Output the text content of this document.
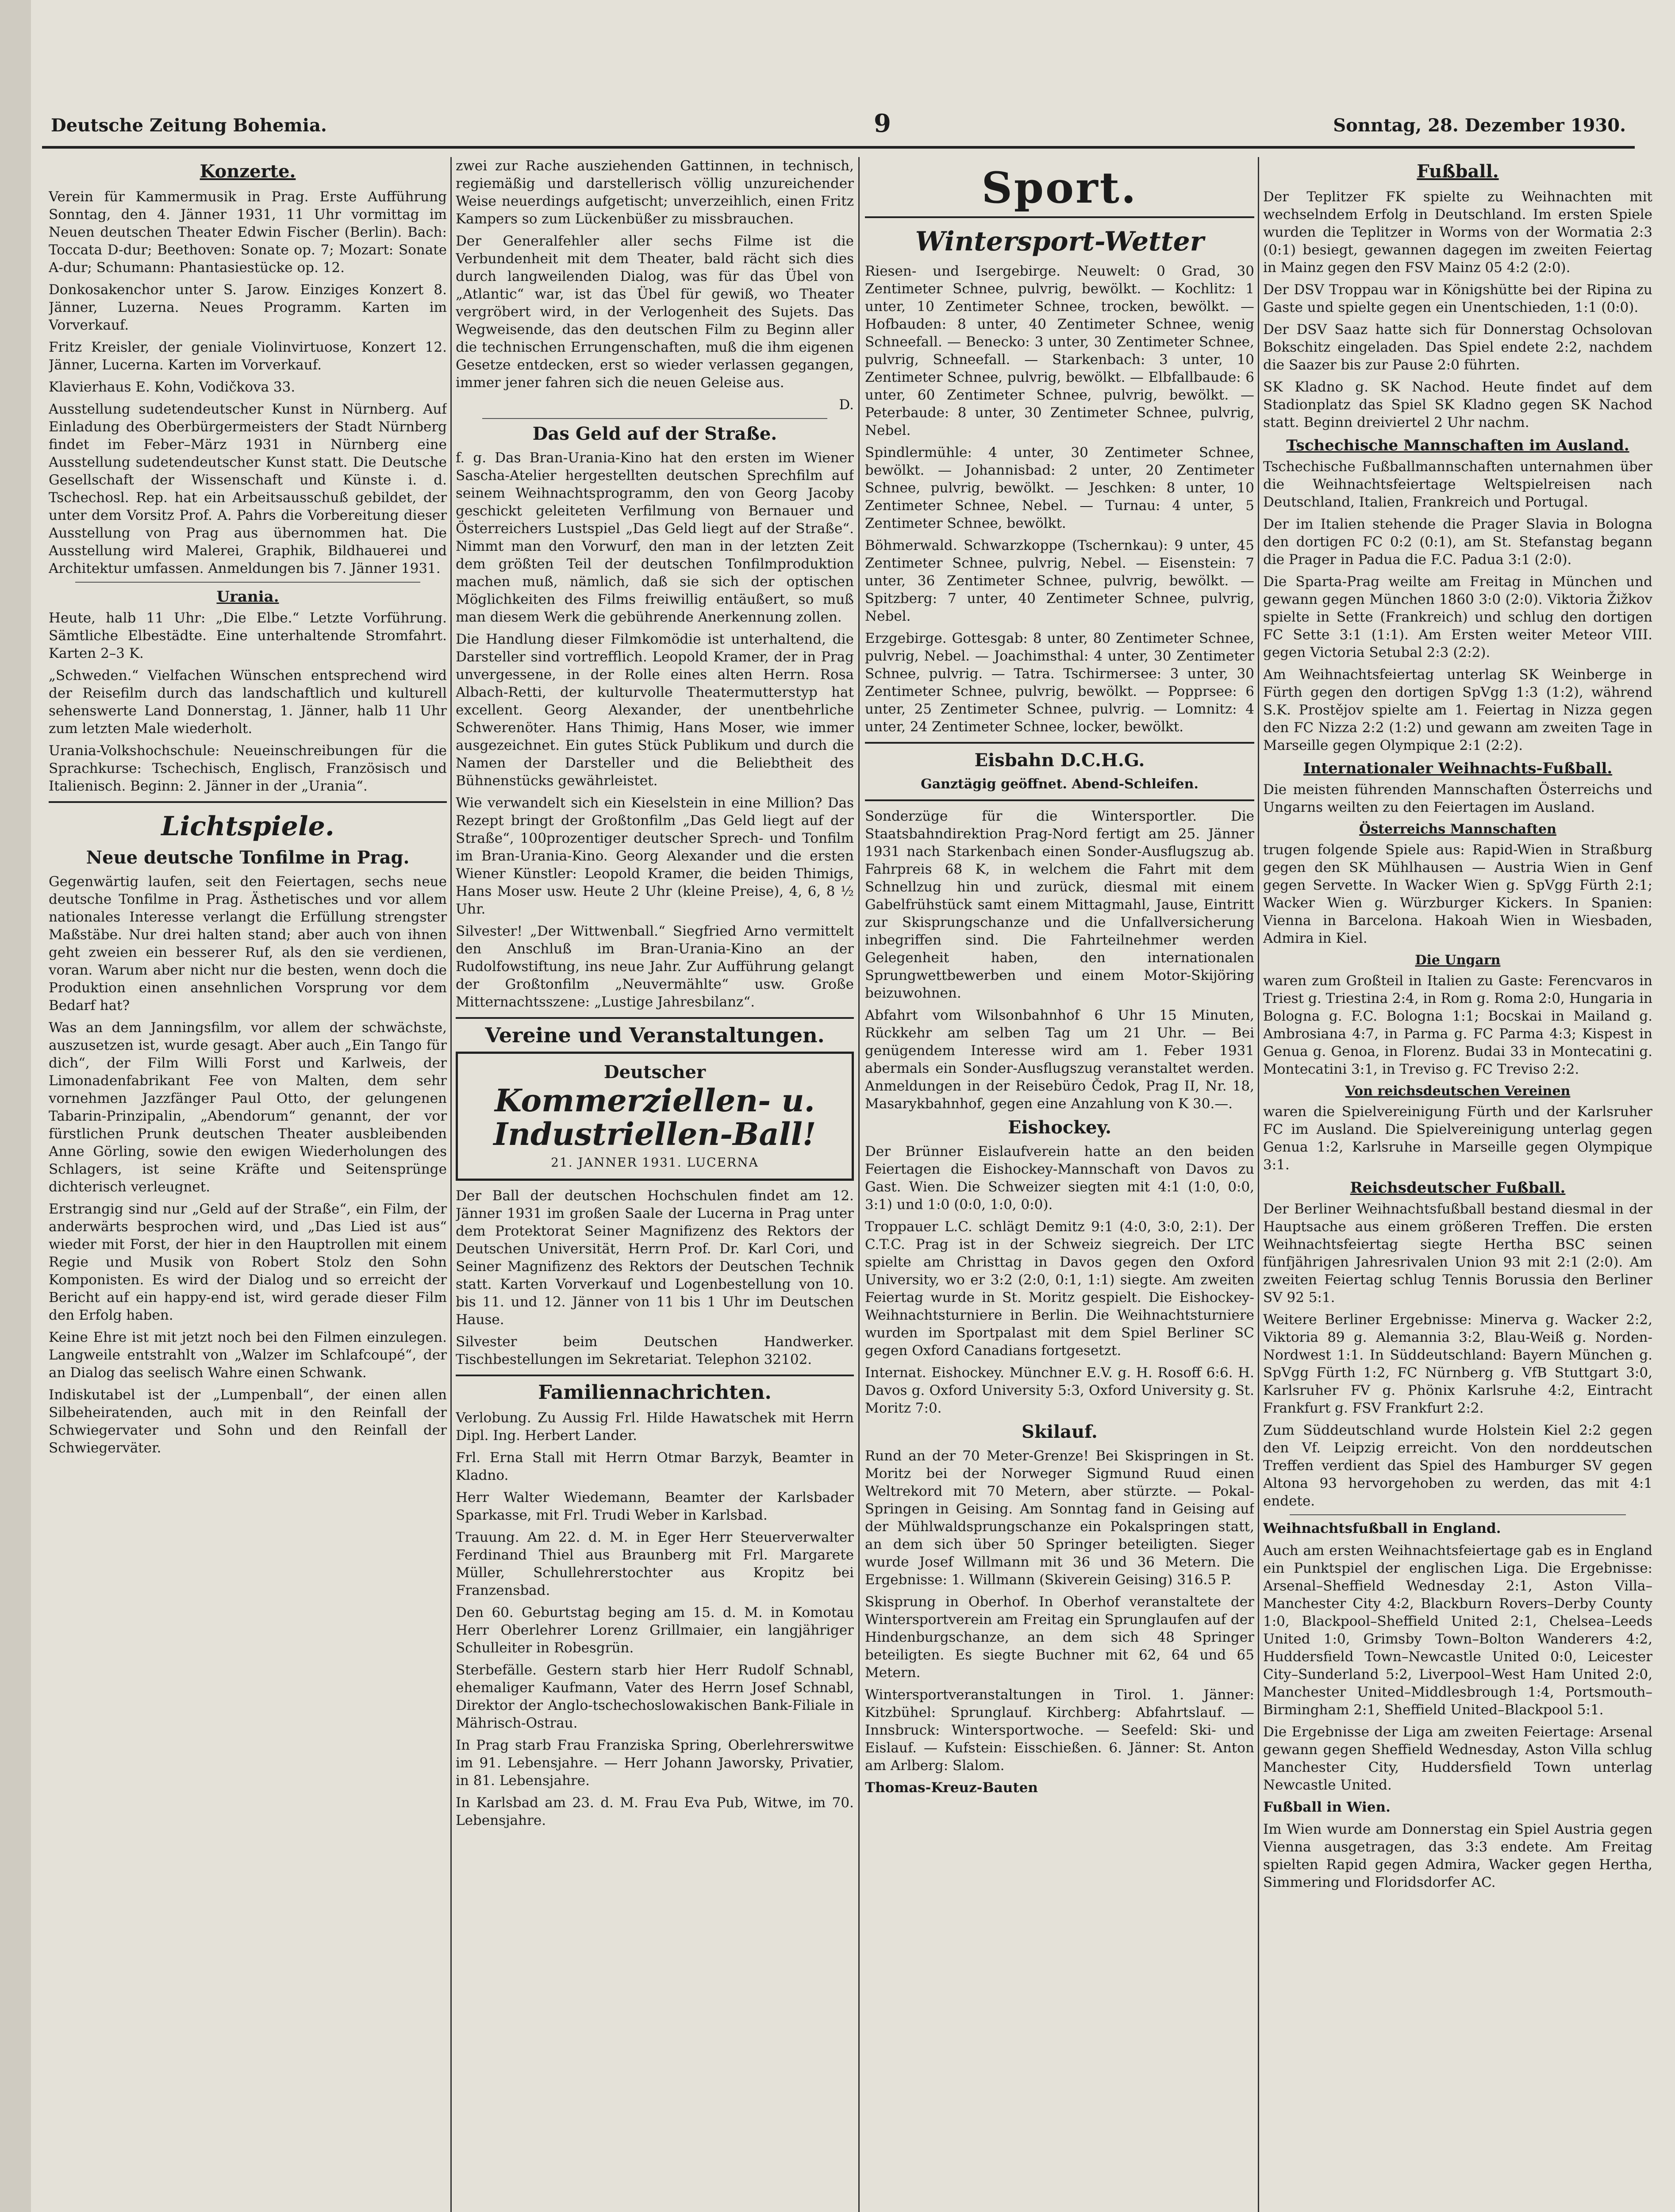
Deutsche Zeitung Bohemia.	9	Sonntag, 28. Dezember 1930.
Konzerte.

Verein für Kammermusik in Prag. Erste Aufführung Sonntag, den 4. Jänner 1931, 11 Uhr vormittag im Neuen deutschen Theater Edwin Fischer (Berlin). Bach: Toccata D-dur; Beethoven: Sonate op. 7; Mozart: Sonate A-dur; Schumann: Phantasiestücke op. 12.

Donkosakenchor unter S. Jarow. Einziges Konzert 8. Jänner, Luzerna. Neues Programm. Karten im Vorverkauf.

Fritz Kreisler, der geniale Violinvirtuose, Konzert 12. Jänner, Lucerna. Karten im Vorverkauf.

Klavierhaus E. Kohn, Vodičkova 33.

Ausstellung sudetendeutscher Kunst in Nürnberg. Auf Einladung des Oberbürgermeisters der Stadt Nürnberg findet im Feber–März 1931 in Nürnberg eine Ausstellung sudetendeutscher Kunst statt. Die Deutsche Gesellschaft der Wissenschaft und Künste i. d. Tschechosl. Rep. hat ein Arbeitsausschuß gebildet, der unter dem Vorsitz Prof. A. Pahrs die Vorbereitung dieser Ausstellung von Prag aus übernommen hat. Die Ausstellung wird Malerei, Graphik, Bildhauerei und Architektur umfassen. Anmeldungen bis 7. Jänner 1931.

Urania.

Heute, halb 11 Uhr: „Die Elbe.“ Letzte Vorführung. Sämtliche Elbestädte. Eine unterhaltende Stromfahrt. Karten 2–3 K.

„Schweden.“ Vielfachen Wünschen entsprechend wird der Reisefilm durch das landschaftlich und kulturell sehenswerte Land Donnerstag, 1. Jänner, halb 11 Uhr zum letzten Male wiederholt.

Urania-Volkshochschule: Neueinschreibungen für die Sprachkurse: Tschechisch, Englisch, Französisch und Italienisch. Beginn: 2. Jänner in der „Urania“.

Lichtspiele.
Neue deutsche Tonfilme in Prag.

Gegenwärtig laufen, seit den Feiertagen, sechs neue deutsche Tonfilme in Prag. Ästhetisches und vor allem nationales Interesse verlangt die Erfüllung strengster Maßstäbe. Nur drei halten stand; aber auch von ihnen geht zweien ein besserer Ruf, als den sie verdienen, voran. Warum aber nicht nur die besten, wenn doch die Produktion einen ansehnlichen Vorsprung vor dem Bedarf hat?

Was an dem Janningsfilm, vor allem der schwächste, auszusetzen ist, wurde gesagt. Aber auch „Ein Tango für dich“, der Film Willi Forst und Karlweis, der Limonadenfabrikant Fee von Malten, dem sehr vornehmen Jazzfänger Paul Otto, der gelungenen Tabarin-Prinzipalin, „Abendorum“ genannt, der vor fürstlichen Prunk deutschen Theater ausbleibenden Anne Görling, sowie den ewigen Wiederholungen des Schlagers, ist seine Kräfte und Seitensprünge dichterisch verleugnet.

Erstrangig sind nur „Geld auf der Straße“, ein Film, der anderwärts besprochen wird, und „Das Lied ist aus“ wieder mit Forst, der hier in den Hauptrollen mit einem Regie und Musik von Robert Stolz den Sohn Komponisten. Es wird der Dialog und so erreicht der Bericht auf ein happy-end ist, wird gerade dieser Film den Erfolg haben.

Keine Ehre ist mit jetzt noch bei den Filmen einzulegen. Langweile entstrahlt von „Walzer im Schlafcoupé“, der an Dialog das seelisch Wahre einen Schwank.

Indiskutabel ist der „Lumpenball“, der einen allen Silbeheiratenden, auch mit in den Reinfall der Schwiegervater und Sohn und den Reinfall der Schwiegerväter.

zwei zur Rache ausziehenden Gattinnen, in technisch, regiemäßig und darstellerisch völlig unzureichender Weise neuerdings aufgetischt; unverzeihlich, einen Fritz Kampers so zum Lückenbüßer zu missbrauchen.

Der Generalfehler aller sechs Filme ist die Verbundenheit mit dem Theater, bald rächt sich dies durch langweilenden Dialog, was für das Übel von „Atlantic“ war, ist das Übel für gewiß, wo Theater vergröbert wird, in der Verlogenheit des Sujets. Das Wegweisende, das den deutschen Film zu Beginn aller die technischen Errungenschaften, muß die ihm eigenen Gesetze entdecken, erst so wieder verlassen gegangen, immer jener fahren sich die neuen Geleise aus.

D.

Das Geld auf der Straße.

f. g. Das Bran-Urania-Kino hat den ersten im Wiener Sascha-Atelier hergestellten deutschen Sprechfilm auf seinem Weihnachtsprogramm, den von Georg Jacoby geschickt geleiteten Verfilmung von Bernauer und Österreichers Lustspiel „Das Geld liegt auf der Straße“. Nimmt man den Vorwurf, den man in der letzten Zeit dem größten Teil der deutschen Tonfilmproduktion machen muß, nämlich, daß sie sich der optischen Möglichkeiten des Films freiwillig entäußert, so muß man diesem Werk die gebührende Anerkennung zollen.

Die Handlung dieser Filmkomödie ist unterhaltend, die Darsteller sind vortrefflich. Leopold Kramer, der in Prag unvergessene, in der Rolle eines alten Herrn. Rosa Albach-Retti, der kulturvolle Theatermutterstyp hat excellent. Georg Alexander, der unentbehrliche Schwerenöter. Hans Thimig, Hans Moser, wie immer ausgezeichnet. Ein gutes Stück Publikum und durch die Namen der Darsteller und die Beliebtheit des Bühnenstücks gewährleistet.

Wie verwandelt sich ein Kieselstein in eine Million? Das Rezept bringt der Großtonfilm „Das Geld liegt auf der Straße“, 100prozentiger deutscher Sprech- und Tonfilm im Bran-Urania-Kino. Georg Alexander und die ersten Wiener Künstler: Leopold Kramer, die beiden Thimigs, Hans Moser usw. Heute 2 Uhr (kleine Preise), 4, 6, 8 ½ Uhr.

Silvester! „Der Wittwenball.“ Siegfried Arno vermittelt den Anschluß im Bran-Urania-Kino an der Rudolfowstiftung, ins neue Jahr. Zur Aufführung gelangt der Großtonfilm „Neuvermählte“ usw. Große Mitternachtsszene: „Lustige Jahresbilanz“.

Vereine und Veranstaltungen.
Deutscher
Kommerziellen- u. Industriellen-Ball!
21. JANNER 1931. LUCERNA

Der Ball der deutschen Hochschulen findet am 12. Jänner 1931 im großen Saale der Lucerna in Prag unter dem Protektorat Seiner Magnifizenz des Rektors der Deutschen Universität, Herrn Prof. Dr. Karl Cori, und Seiner Magnifizenz des Rektors der Deutschen Technik statt. Karten Vorverkauf und Logenbestellung von 10. bis 11. und 12. Jänner von 11 bis 1 Uhr im Deutschen Hause.

Silvester beim Deutschen Handwerker. Tischbestellungen im Sekretariat. Telephon 32102.

Familiennachrichten.

Verlobung. Zu Aussig Frl. Hilde Hawatschek mit Herrn Dipl. Ing. Herbert Lander.

Frl. Erna Stall mit Herrn Otmar Barzyk, Beamter in Kladno.

Herr Walter Wiedemann, Beamter der Karlsbader Sparkasse, mit Frl. Trudi Weber in Karlsbad.

Trauung. Am 22. d. M. in Eger Herr Steuerverwalter Ferdinand Thiel aus Braunberg mit Frl. Margarete Müller, Schullehrerstochter aus Kropitz bei Franzensbad.

Den 60. Geburtstag beging am 15. d. M. in Komotau Herr Oberlehrer Lorenz Grillmaier, ein langjähriger Schulleiter in Robesgrün.

Sterbefälle. Gestern starb hier Herr Rudolf Schnabl, ehemaliger Kaufmann, Vater des Herrn Josef Schnabl, Direktor der Anglo-tschechoslowakischen Bank-Filiale in Mährisch-Ostrau.

In Prag starb Frau Franziska Spring, Oberlehrerswitwe im 91. Lebensjahre. — Herr Johann Jaworsky, Privatier, in 81. Lebensjahre.

In Karlsbad am 23. d. M. Frau Eva Pub, Witwe, im 70. Lebensjahre.

Sport.
Wintersport-Wetter

Riesen- und Isergebirge. Neuwelt: 0 Grad, 30 Zentimeter Schnee, pulvrig, bewölkt. — Kochlitz: 1 unter, 10 Zentimeter Schnee, trocken, bewölkt. — Hofbauden: 8 unter, 40 Zentimeter Schnee, wenig Schneefall. — Benecko: 3 unter, 30 Zentimeter Schnee, pulvrig, Schneefall. — Starkenbach: 3 unter, 10 Zentimeter Schnee, pulvrig, bewölkt. — Elbfallbaude: 6 unter, 60 Zentimeter Schnee, pulvrig, bewölkt. — Peterbaude: 8 unter, 30 Zentimeter Schnee, pulvrig, Nebel.

Spindlermühle: 4 unter, 30 Zentimeter Schnee, bewölkt. — Johannisbad: 2 unter, 20 Zentimeter Schnee, pulvrig, bewölkt. — Jeschken: 8 unter, 10 Zentimeter Schnee, Nebel. — Turnau: 4 unter, 5 Zentimeter Schnee, bewölkt.

Böhmerwald. Schwarzkoppe (Tschernkau): 9 unter, 45 Zentimeter Schnee, pulvrig, Nebel. — Eisenstein: 7 unter, 36 Zentimeter Schnee, pulvrig, bewölkt. — Spitzberg: 7 unter, 40 Zentimeter Schnee, pulvrig, Nebel.

Erzgebirge. Gottesgab: 8 unter, 80 Zentimeter Schnee, pulvrig, Nebel. — Joachimsthal: 4 unter, 30 Zentimeter Schnee, pulvrig. — Tatra. Tschirmersee: 3 unter, 30 Zentimeter Schnee, pulvrig, bewölkt. — Popprsee: 6 unter, 25 Zentimeter Schnee, pulvrig. — Lomnitz: 4 unter, 24 Zentimeter Schnee, locker, bewölkt.

Eisbahn D.C.H.G.
Ganztägig geöffnet. Abend-Schleifen.

Sonderzüge für die Wintersportler. Die Staatsbahndirektion Prag-Nord fertigt am 25. Jänner 1931 nach Starkenbach einen Sonder-Ausflugszug ab. Fahrpreis 68 K, in welchem die Fahrt mit dem Schnellzug hin und zurück, diesmal mit einem Gabelfrühstück samt einem Mittagmahl, Jause, Eintritt zur Skisprungschanze und die Unfallversicherung inbegriffen sind. Die Fahrteilnehmer werden Gelegenheit haben, den internationalen Sprungwettbewerben und einem Motor-Skijöring beizuwohnen.

Abfahrt vom Wilsonbahnhof 6 Uhr 15 Minuten, Rückkehr am selben Tag um 21 Uhr. — Bei genügendem Interesse wird am 1. Feber 1931 abermals ein Sonder-Ausflugszug veranstaltet werden. Anmeldungen in der Reisebüro Čedok, Prag II, Nr. 18, Masarykbahnhof, gegen eine Anzahlung von K 30.—.

Eishockey.

Der Brünner Eislaufverein hatte an den beiden Feiertagen die Eishockey-Mannschaft von Davos zu Gast. Wien. Die Schweizer siegten mit 4:1 (1:0, 0:0, 3:1) und 1:0 (0:0, 1:0, 0:0).

Troppauer L.C. schlägt Demitz 9:1 (4:0, 3:0, 2:1). Der C.T.C. Prag ist in der Schweiz siegreich. Der LTC spielte am Christtag in Davos gegen den Oxford University, wo er 3:2 (2:0, 0:1, 1:1) siegte. Am zweiten Feiertag wurde in St. Moritz gespielt. Die Eishockey-Weihnachtsturniere in Berlin. Die Weihnachtsturniere wurden im Sportpalast mit dem Spiel Berliner SC gegen Oxford Canadians fortgesetzt.

Internat. Eishockey. Münchner E.V. g. H. Rosoff 6:6. H. Davos g. Oxford University 5:3, Oxford University g. St. Moritz 7:0.

Skilauf.

Rund an der 70 Meter-Grenze! Bei Skispringen in St. Moritz bei der Norweger Sigmund Ruud einen Weltrekord mit 70 Metern, aber stürzte. — Pokal-Springen in Geising. Am Sonntag fand in Geising auf der Mühlwaldsprungschanze ein Pokalspringen statt, an dem sich über 50 Springer beteiligten. Sieger wurde Josef Willmann mit 36 und 36 Metern. Die Ergebnisse: 1. Willmann (Skiverein Geising) 316.5 P.

Skisprung in Oberhof. In Oberhof veranstaltete der Wintersportverein am Freitag ein Sprunglaufen auf der Hindenburgschanze, an dem sich 48 Springer beteiligten. Es siegte Buchner mit 62, 64 und 65 Metern.

Wintersportveranstaltungen in Tirol. 1. Jänner: Kitzbühel: Sprunglauf. Kirchberg: Abfahrtslauf. — Innsbruck: Wintersportwoche. — Seefeld: Ski- und Eislauf. — Kufstein: Eisschießen. 6. Jänner: St. Anton am Arlberg: Slalom.

Thomas-Kreuz-Bauten

Fußball.

Der Teplitzer FK spielte zu Weihnachten mit wechselndem Erfolg in Deutschland. Im ersten Spiele wurden die Teplitzer in Worms von der Wormatia 2:3 (0:1) besiegt, gewannen dagegen im zweiten Feiertag in Mainz gegen den FSV Mainz 05 4:2 (2:0).

Der DSV Troppau war in Königshütte bei der Ripina zu Gaste und spielte gegen ein Unentschieden, 1:1 (0:0).

Der DSV Saaz hatte sich für Donnerstag Ochsolovan Bokschitz eingeladen. Das Spiel endete 2:2, nachdem die Saazer bis zur Pause 2:0 führten.

SK Kladno g. SK Nachod. Heute findet auf dem Stadionplatz das Spiel SK Kladno gegen SK Nachod statt. Beginn dreiviertel 2 Uhr nachm.

Tschechische Mannschaften im Ausland.

Tschechische Fußballmannschaften unternahmen über die Weihnachtsfeiertage Weltspielreisen nach Deutschland, Italien, Frankreich und Portugal.

Der im Italien stehende die Prager Slavia in Bologna den dortigen FC 0:2 (0:1), am St. Stefanstag begann die Prager in Padua die F.C. Padua 3:1 (2:0).

Die Sparta-Prag weilte am Freitag in München und gewann gegen München 1860 3:0 (2:0). Viktoria Žižkov spielte in Sette (Frankreich) und schlug den dortigen FC Sette 3:1 (1:1). Am Ersten weiter Meteor VIII. gegen Victoria Setubal 2:3 (2:2).

Am Weihnachtsfeiertag unterlag SK Weinberge in Fürth gegen den dortigen SpVgg 1:3 (1:2), während S.K. Prostějov spielte am 1. Feiertag in Nizza gegen den FC Nizza 2:2 (1:2) und gewann am zweiten Tage in Marseille gegen Olympique 2:1 (2:2).

Internationaler Weihnachts-Fußball.

Die meisten führenden Mannschaften Österreichs und Ungarns weilten zu den Feiertagen im Ausland.

Österreichs Mannschaften

trugen folgende Spiele aus: Rapid-Wien in Straßburg gegen den SK Mühlhausen — Austria Wien in Genf gegen Servette. In Wacker Wien g. SpVgg Fürth 2:1; Wacker Wien g. Würzburger Kickers. In Spanien: Vienna in Barcelona. Hakoah Wien in Wiesbaden, Admira in Kiel.

Die Ungarn

waren zum Großteil in Italien zu Gaste: Ferencvaros in Triest g. Triestina 2:4, in Rom g. Roma 2:0, Hungaria in Bologna g. F.C. Bologna 1:1; Bocskai in Mailand g. Ambrosiana 4:7, in Parma g. FC Parma 4:3; Kispest in Genua g. Genoa, in Florenz. Budai 33 in Montecatini g. Montecatini 3:1, in Treviso g. FC Treviso 2:2.

Von reichsdeutschen Vereinen

waren die Spielvereinigung Fürth und der Karlsruher FC im Ausland. Die Spielvereinigung unterlag gegen Genua 1:2, Karlsruhe in Marseille gegen Olympique 3:1.

Reichsdeutscher Fußball.

Der Berliner Weihnachtsfußball bestand diesmal in der Hauptsache aus einem größeren Treffen. Die ersten Weihnachtsfeiertag siegte Hertha BSC seinen fünfjährigen Jahresrivalen Union 93 mit 2:1 (2:0). Am zweiten Feiertag schlug Tennis Borussia den Berliner SV 92 5:1.

Weitere Berliner Ergebnisse: Minerva g. Wacker 2:2, Viktoria 89 g. Alemannia 3:2, Blau-Weiß g. Norden-Nordwest 1:1. In Süddeutschland: Bayern München g. SpVgg Fürth 1:2, FC Nürnberg g. VfB Stuttgart 3:0, Karlsruher FV g. Phönix Karlsruhe 4:2, Eintracht Frankfurt g. FSV Frankfurt 2:2.

Zum Süddeutschland wurde Holstein Kiel 2:2 gegen den Vf. Leipzig erreicht. Von den norddeutschen Treffen verdient das Spiel des Hamburger SV gegen Altona 93 hervorgehoben zu werden, das mit 4:1 endete.

Weihnachtsfußball in England.

Auch am ersten Weihnachtsfeiertage gab es in England ein Punktspiel der englischen Liga. Die Ergebnisse: Arsenal–Sheffield Wednesday 2:1, Aston Villa–Manchester City 4:2, Blackburn Rovers–Derby County 1:0, Blackpool–Sheffield United 2:1, Chelsea–Leeds United 1:0, Grimsby Town–Bolton Wanderers 4:2, Huddersfield Town–Newcastle United 0:0, Leicester City–Sunderland 5:2, Liverpool–West Ham United 2:0, Manchester United–Middlesbrough 1:4, Portsmouth–Birmingham 2:1, Sheffield United–Blackpool 5:1.

Die Ergebnisse der Liga am zweiten Feiertage: Arsenal gewann gegen Sheffield Wednesday, Aston Villa schlug Manchester City, Huddersfield Town unterlag Newcastle United.

Fußball in Wien.

Im Wien wurde am Donnerstag ein Spiel Austria gegen Vienna ausgetragen, das 3:3 endete. Am Freitag spielten Rapid gegen Admira, Wacker gegen Hertha, Simmering und Floridsdorfer AC.
